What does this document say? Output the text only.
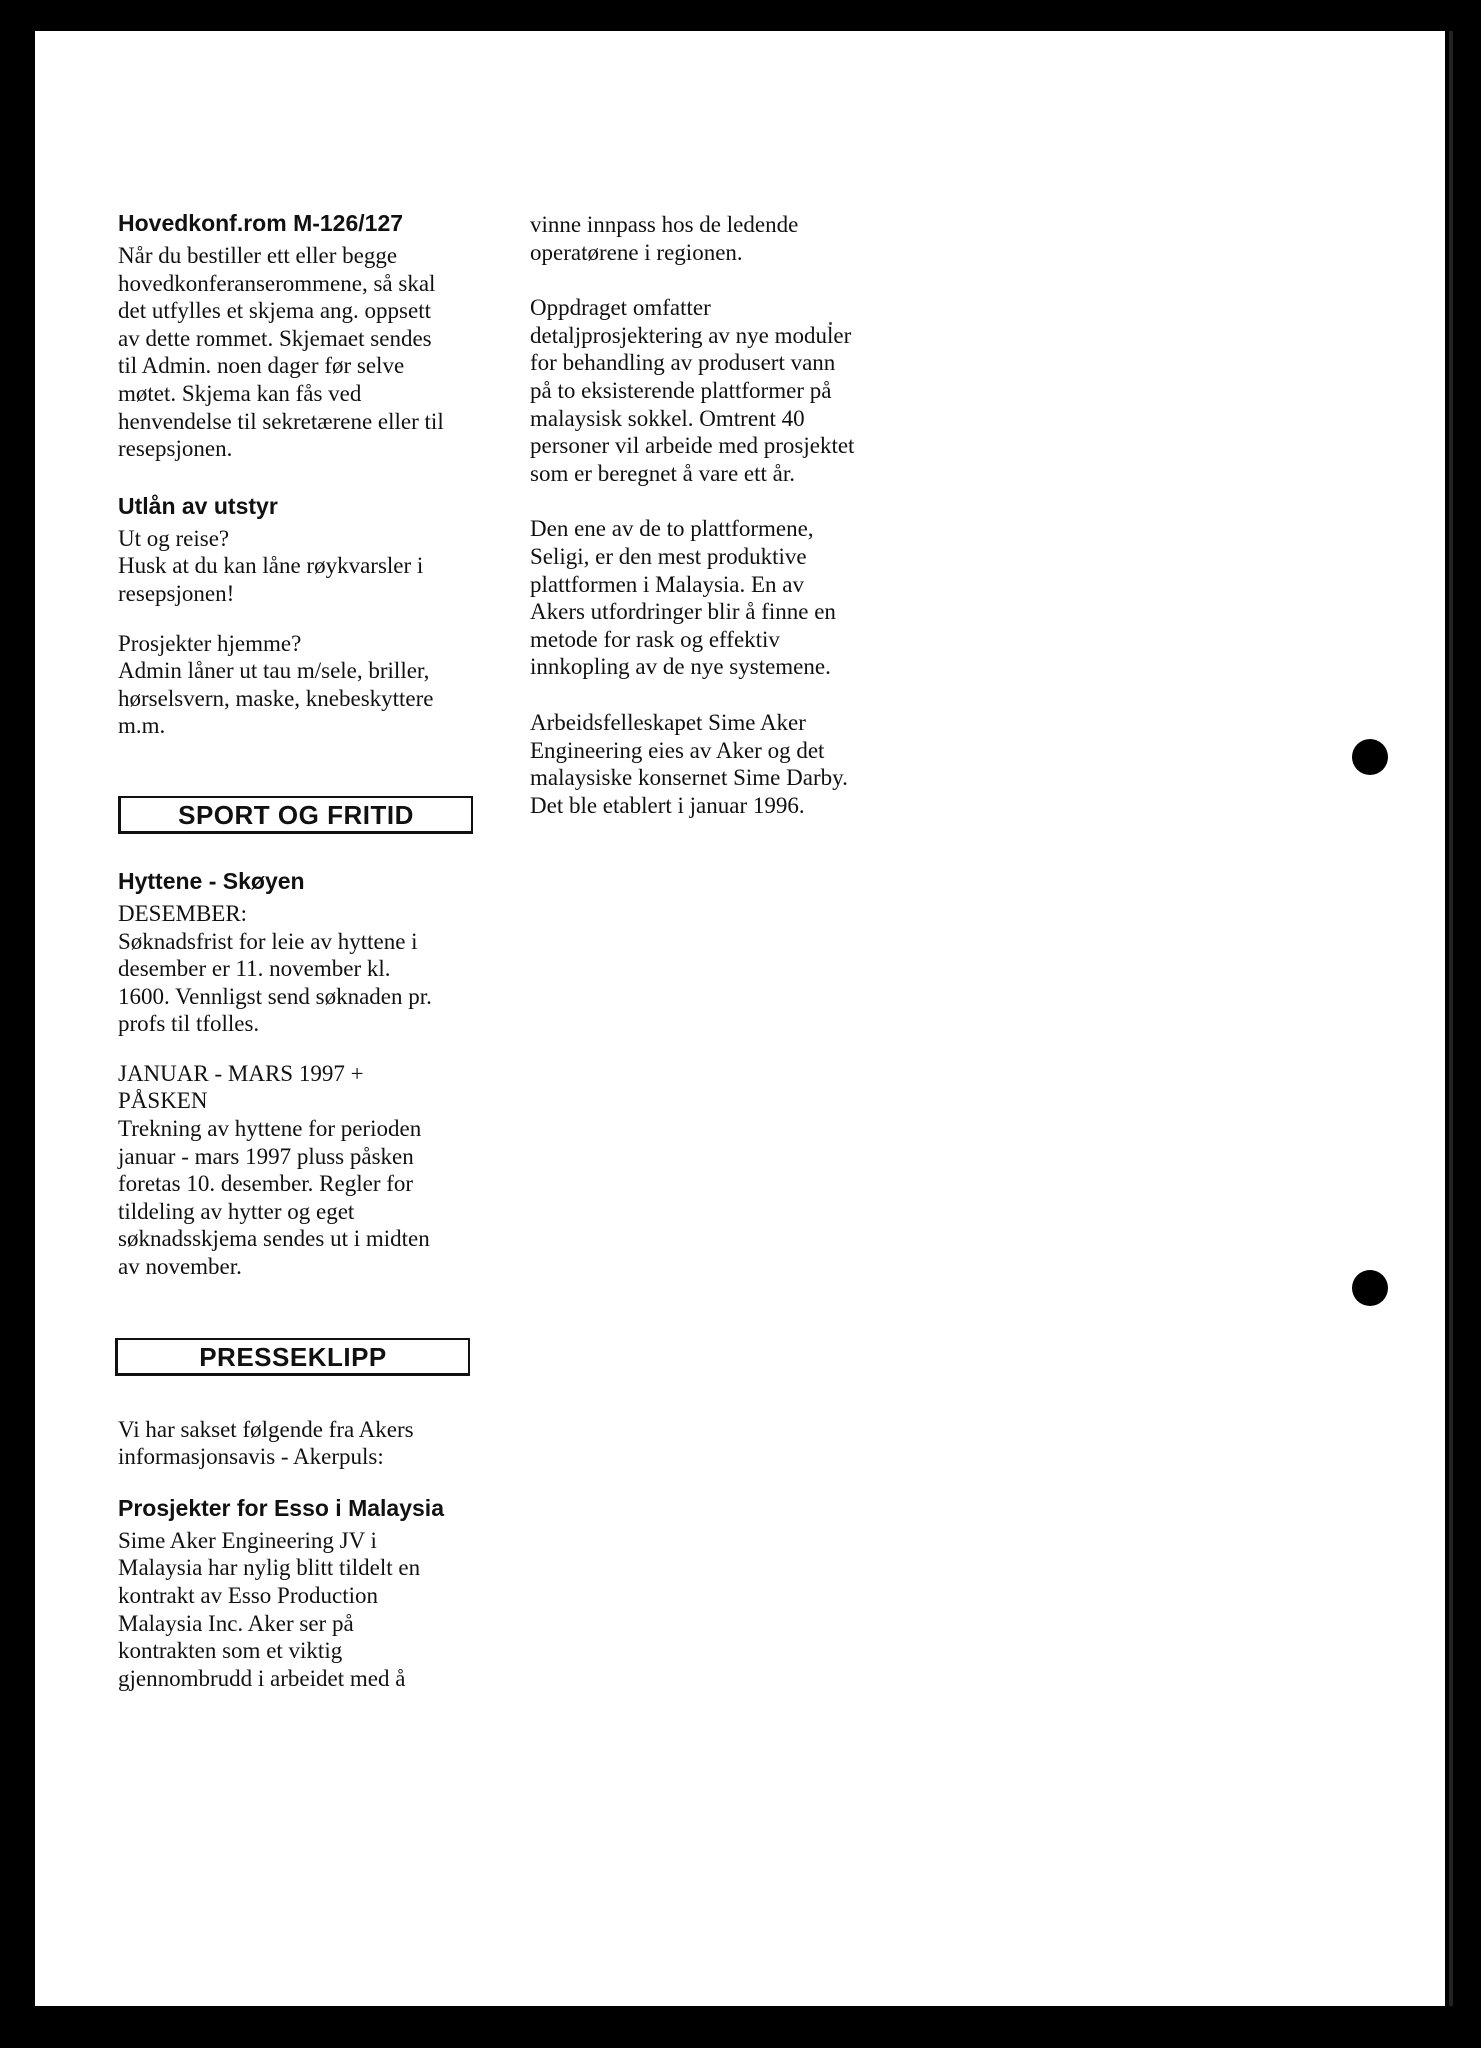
Hovedkonf.rom M-126/127

Når du bestiller ett eller begge
hovedkonferanserommene, så skal
det utfylles et skjema ang. oppsett
av dette rommet. Skjemaet sendes
til Admin. noen dager før selve
møtet. Skjema kan fås ved
henvendelse til sekretærene eller til
resepsjonen.

Utlån av utstyr

Ut og reise?
Husk at du kan låne røykvarsler i
resepsjonen!

Prosjekter hjemme?
Admin låner ut tau m/sele, briller,
hørselsvern, maske, knebeskyttere
m.m.

SPORT OG FRITID
Hyttene - Skøyen

DESEMBER:
Søknadsfrist for leie av hyttene i
desember er 11. november kl.
1600. Vennligst send søknaden pr.
profs til tfolles.

JANUAR - MARS 1997 +
PÅSKEN
Trekning av hyttene for perioden
januar - mars 1997 pluss påsken
foretas 10. desember. Regler for
tildeling av hytter og eget
søknadsskjema sendes ut i midten
av november.

PRESSEKLIPP

Vi har sakset følgende fra Akers
informasjonsavis - Akerpuls:

Prosjekter for Esso i Malaysia

Sime Aker Engineering JV i
Malaysia har nylig blitt tildelt en
kontrakt av Esso Production
Malaysia Inc. Aker ser på
kontrakten som et viktig
gjennombrudd i arbeidet med å

vinne innpass hos de ledende
operatørene i regionen.

Oppdraget omfatter
detaljprosjektering av nye moduler
for behandling av produsert vann
på to eksisterende plattformer på
malaysisk sokkel. Omtrent 40
personer vil arbeide med prosjektet
som er beregnet å vare ett år.

Den ene av de to plattformene,
Seligi, er den mest produktive
plattformen i Malaysia. En av
Akers utfordringer blir å finne en
metode for rask og effektiv
innkopling av de nye systemene.

Arbeidsfelleskapet Sime Aker
Engineering eies av Aker og det
malaysiske konsernet Sime Darby.
Det ble etablert i januar 1996.
